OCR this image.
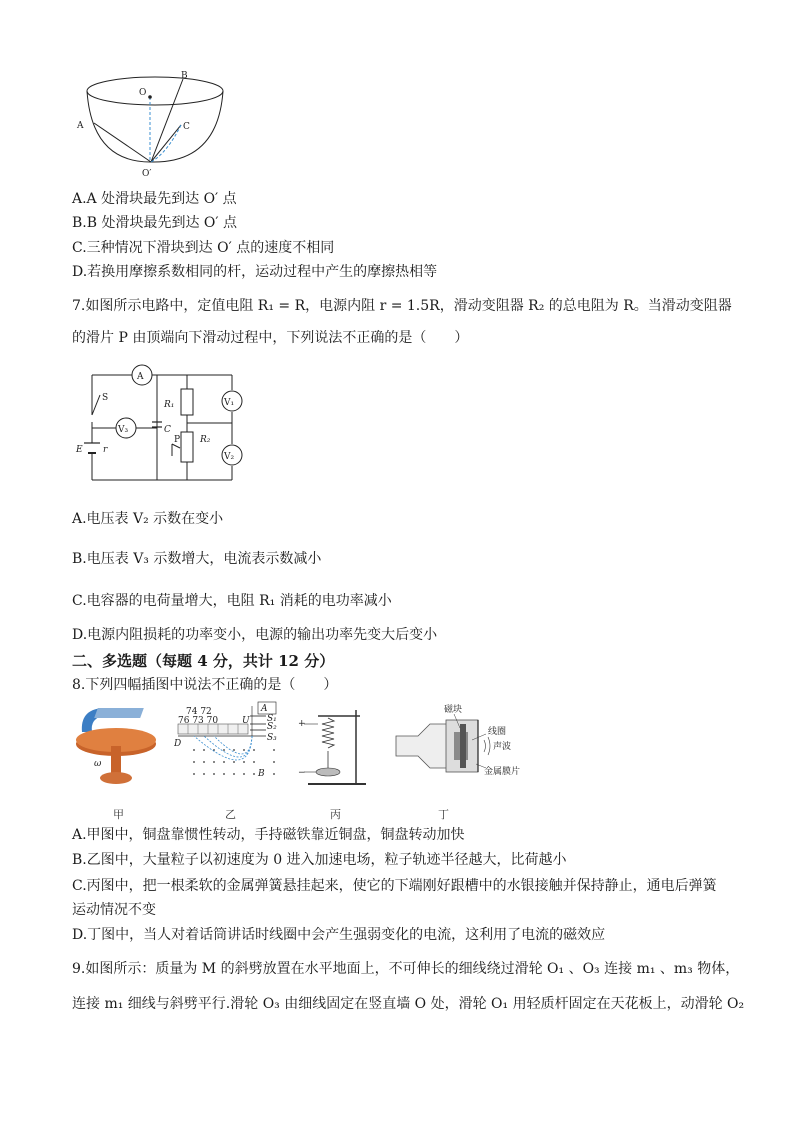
O
A
B
C
O′
A.A 处滑块最先到达 O′ 点
B.B 处滑块最先到达 O′ 点
C.三种情况下滑块到达 O′ 点的速度不相同
D.若换用摩擦系数相同的杆，运动过程中产生的摩擦热相等
7.如图所示电路中，定值电阻 R₁ = R，电源内阻 r = 1.5R，滑动变阻器 R₂ 的总电阻为 R。当滑动变阻器
的滑片 P 由顶端向下滑动过程中，下列说法不正确的是（　　）
A
V₃
V₁
V₂
S
C
R₁
R₂
P
E r
A.电压表 V₂ 示数在变小
B.电压表 V₃ 示数增大，电流表示数减小
C.电容器的电荷量增大，电阻 R₁ 消耗的电功率减小
D.电源内阻损耗的功率变小，电源的输出功率先变大后变小
二、多选题（每题 4 分，共计 12 分）
8.下列四幅插图中说法不正确的是（　　）
ω
74 72
76 73 70
A
U S₁
S₂
S₃
D
B
+
−
磁块
线圈
声波
金属膜片
甲	乙	丙	丁
A.甲图中，铜盘靠惯性转动，手持磁铁靠近铜盘，铜盘转动加快
B.乙图中，大量粒子以初速度为 0 进入加速电场，粒子轨迹半径越大，比荷越小
C.丙图中，把一根柔软的金属弹簧悬挂起来，使它的下端刚好跟槽中的水银接触并保持静止，通电后弹簧
运动情况不变
D.丁图中，当人对着话筒讲话时线圈中会产生强弱变化的电流，这利用了电流的磁效应
9.如图所示：质量为 M 的斜劈放置在水平地面上，不可伸长的细线绕过滑轮 O₁ 、O₃ 连接 m₁ 、m₃ 物体，
连接 m₁ 细线与斜劈平行.滑轮 O₃ 由细线固定在竖直墙 O 处，滑轮 O₁ 用轻质杆固定在天花板上，动滑轮 O₂
